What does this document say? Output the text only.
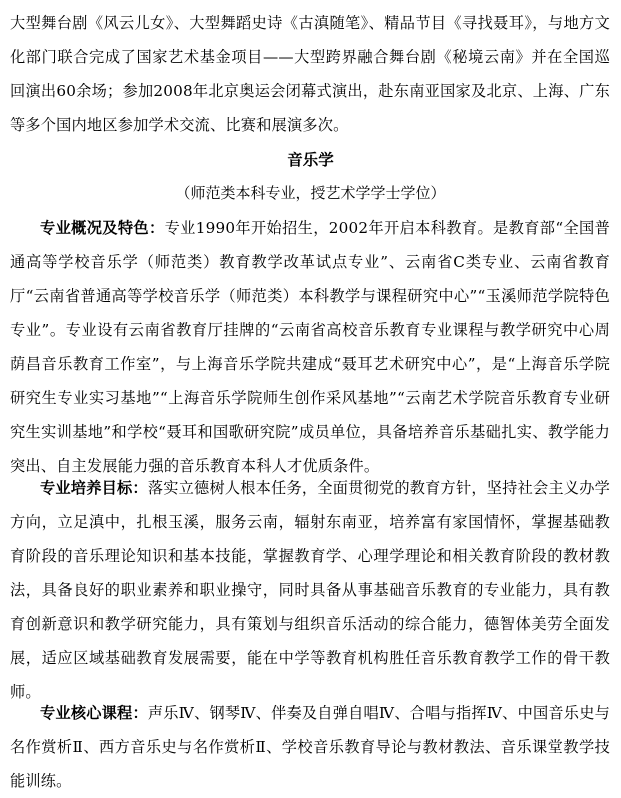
大型舞台剧《风云儿女》、大型舞蹈史诗《古滇随笔》、精品节目《寻找聂耳》，与地方文化部门联合完成了国家艺术基金项目——大型跨界融合舞台剧《秘境云南》并在全国巡回演出60余场；参加2008年北京奥运会闭幕式演出，赴东南亚国家及北京、上海、广东等多个国内地区参加学术交流、比赛和展演多次。

音乐学
（师范类本科专业，授艺术学学士学位）

专业概况及特色：专业1990年开始招生，2002年开启本科教育。是教育部“全国普通高等学校音乐学（师范类）教育教学改革试点专业”、云南省C类专业、云南省教育厅“云南省普通高等学校音乐学（师范类）本科教学与课程研究中心”“玉溪师范学院特色专业”。专业设有云南省教育厅挂牌的“云南省高校音乐教育专业课程与教学研究中心周荫昌音乐教育工作室”，与上海音乐学院共建成“聂耳艺术研究中心”，是“上海音乐学院研究生专业实习基地”“上海音乐学院师生创作采风基地”“云南艺术学院音乐教育专业研究生实训基地”和学校“聂耳和国歌研究院”成员单位，具备培养音乐基础扎实、教学能力突出、自主发展能力强的音乐教育本科人才优质条件。

专业培养目标：落实立德树人根本任务，全面贯彻党的教育方针，坚持社会主义办学方向，立足滇中，扎根玉溪，服务云南，辐射东南亚，培养富有家国情怀，掌握基础教育阶段的音乐理论知识和基本技能，掌握教育学、心理学理论和相关教育阶段的教材教法，具备良好的职业素养和职业操守，同时具备从事基础音乐教育的专业能力，具有教育创新意识和教学研究能力，具有策划与组织音乐活动的综合能力，德智体美劳全面发展，适应区域基础教育发展需要，能在中学等教育机构胜任音乐教育教学工作的骨干教师。

专业核心课程：声乐Ⅳ、钢琴Ⅳ、伴奏及自弹自唱Ⅳ、合唱与指挥Ⅳ、中国音乐史与名作赏析Ⅱ、西方音乐史与名作赏析Ⅱ、学校音乐教育导论与教材教法、音乐课堂教学技能训练。
